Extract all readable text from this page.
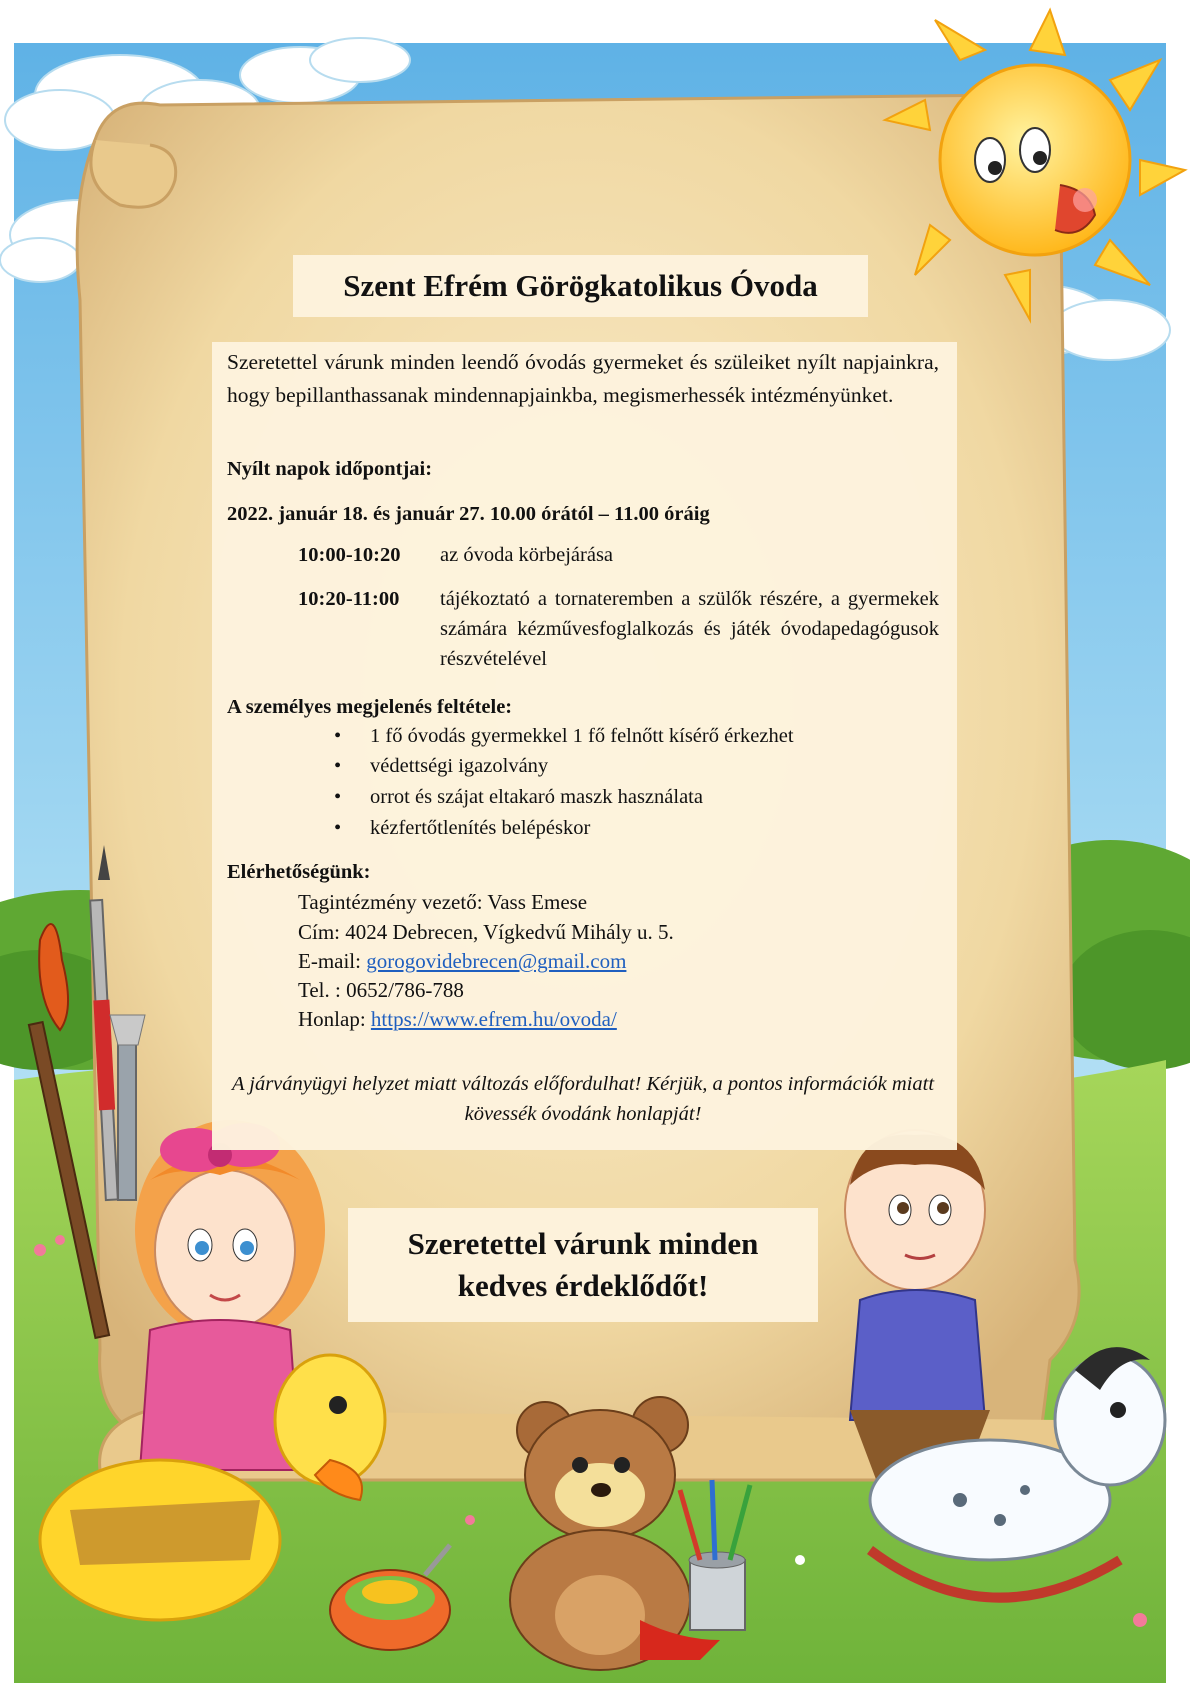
Szent Efrém Görögkatolikus Óvoda
Szeretettel várunk minden leendő óvodás gyermeket és szüleiket nyílt napjainkra, hogy bepillanthassanak mindennapjainkba, megismerhessék intézményünket.
Nyílt napok időpontjai:
2022. január 18. és január 27. 10.00 órától – 11.00 óráig
10:00-10:20 az óvoda körbejárása
10:20-11:00 tájékoztató a tornateremben a szülők részére, a gyermekek számára kézművesfoglalkozás és játék óvodapedagógusok részvételével
A személyes megjelenés feltétele:
• 1 fő óvodás gyermekkel 1 fő felnőtt kísérő érkezhet
• védettségi igazolvány
• orrot és szájat eltakaró maszk használata
• kézfertőtlenítés belépéskor
Elérhetőségünk:
Tagintézmény vezető: Vass Emese
Cím: 4024 Debrecen, Vígkedvű Mihály u. 5.
E-mail: gorogovidebrecen@gmail.com
Tel. : 0652/786-788
Honlap: https://www.efrem.hu/ovoda/
A járványügyi helyzet miatt változás előfordulhat! Kérjük, a pontos információk miatt kövessék óvodánk honlapját!

Szeretettel várunk minden kedves érdeklődőt!
